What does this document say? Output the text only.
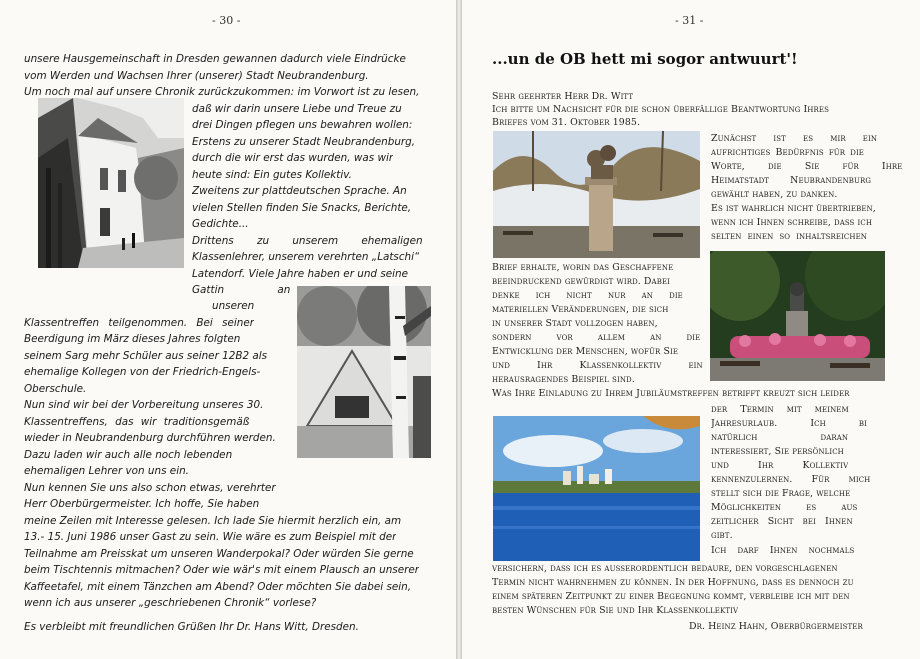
- 30 -

unsere Hausgemeinschaft in Dresden gewannen dadurch viele Eindrücke

vom Werden und Wachsen Ihrer (unserer) Stadt Neubrandenburg.

Um noch mal auf unsere Chronik zurückzukommen: im Vorwort ist zu lesen,

daß wir darin unsere Liebe und Treue zu

drei Dingen pflegen uns bewahren wollen:

Erstens zu unserer Stadt Neubrandenburg,

durch die wir erst das wurden, was wir

heute sind: Ein gutes Kollektiv.

Zweitens zur plattdeutschen Sprache. An

vielen Stellen finden Sie Snacks, Berichte,

Gedichte...

Drittens zu unserem ehemaligen

Klassenlehrer, unserem verehrten „Latschi“

Latendorf. Viele Jahre haben er und seine

Gattin an

unseren

Klassentreffen teilgenommen. Bei seiner

Beerdigung im März dieses Jahres folgten

seinem Sarg mehr Schüler aus seiner 12B2 als

ehemalige Kollegen von der Friedrich-Engels-

Oberschule.

Nun sind wir bei der Vorbereitung unseres 30.

Klassentreffens, das wir traditionsgemäß

wieder in Neubrandenburg durchführen werden.

Dazu laden wir auch alle noch lebenden

ehemaligen Lehrer von uns ein.

Nun kennen Sie uns also schon etwas, verehrter

Herr Oberbürgermeister. Ich hoffe, Sie haben

meine Zeilen mit Interesse gelesen. Ich lade Sie hiermit herzlich ein, am

13.- 15. Juni 1986 unser Gast zu sein. Wie wäre es zum Beispiel mit der

Teilnahme am Preisskat um unseren Wanderpokal? Oder würden Sie gerne

beim Tischtennis mitmachen? Oder wie wär's mit einem Plausch an unserer

Kaffeetafel, mit einem Tänzchen am Abend? Oder möchten Sie dabei sein,

wenn ich aus unserer „geschriebenen Chronik“ vorlese?

Es verbleibt mit freundlichen Grüßen Ihr Dr. Hans Witt, Dresden.

- 31 -

...un de OB hett mi sogor antwuurt'!

Sehr geehrter Herr Dr. Witt

Ich bitte um Nachsicht für die schon überfällige Beantwortung Ihres

Briefes vom 31. Oktober 1985.

Zunächst ist es mir ein

aufrichtiges Bedürfnis für die

Worte, die Sie für Ihre

Heimatstadt Neubrandenburg

gewählt haben, zu danken.

Es ist wahrlich nicht übertrieben,

wenn ich Ihnen schreibe, daß ich

selten einen so inhaltsreichen

Brief erhalte, worin das Geschaffene

beeindruckend gewürdigt wird. Dabei

denke ich nicht nur an die

materiellen Veränderungen, die sich

in unserer Stadt vollzogen haben,

sondern vor allem an die

Entwicklung der Menschen, wofür Sie

und Ihr Klassenkollektiv ein

herausragendes Beispiel sind.

Was Ihre Einladung zu Ihrem Jubiläumstreffen betrifft kreuzt sich leider

der Termin mit meinem

Jahresurlaub. Ich bi

natürlich daran

interessiert, Sie persönlich

und Ihr Kollektiv

kennenzulernen. Für mich

stellt sich die Frage, welche

Möglichkeiten es aus

zeitlicher Sicht bei Ihnen

gibt.

Ich darf Ihnen nochmals

versichern, daß ich es außerordentlich bedaure, den vorgeschlagenen

Termin nicht wahrnehmen zu können. In der Hoffnung, daß es dennoch zu

einem späteren Zeitpunkt zu einer Begegnung kommt, verbleibe ich mit den

besten Wünschen für Sie und Ihr Klassenkollektiv

Dr. Heinz Hahn, Oberbürgermeister
